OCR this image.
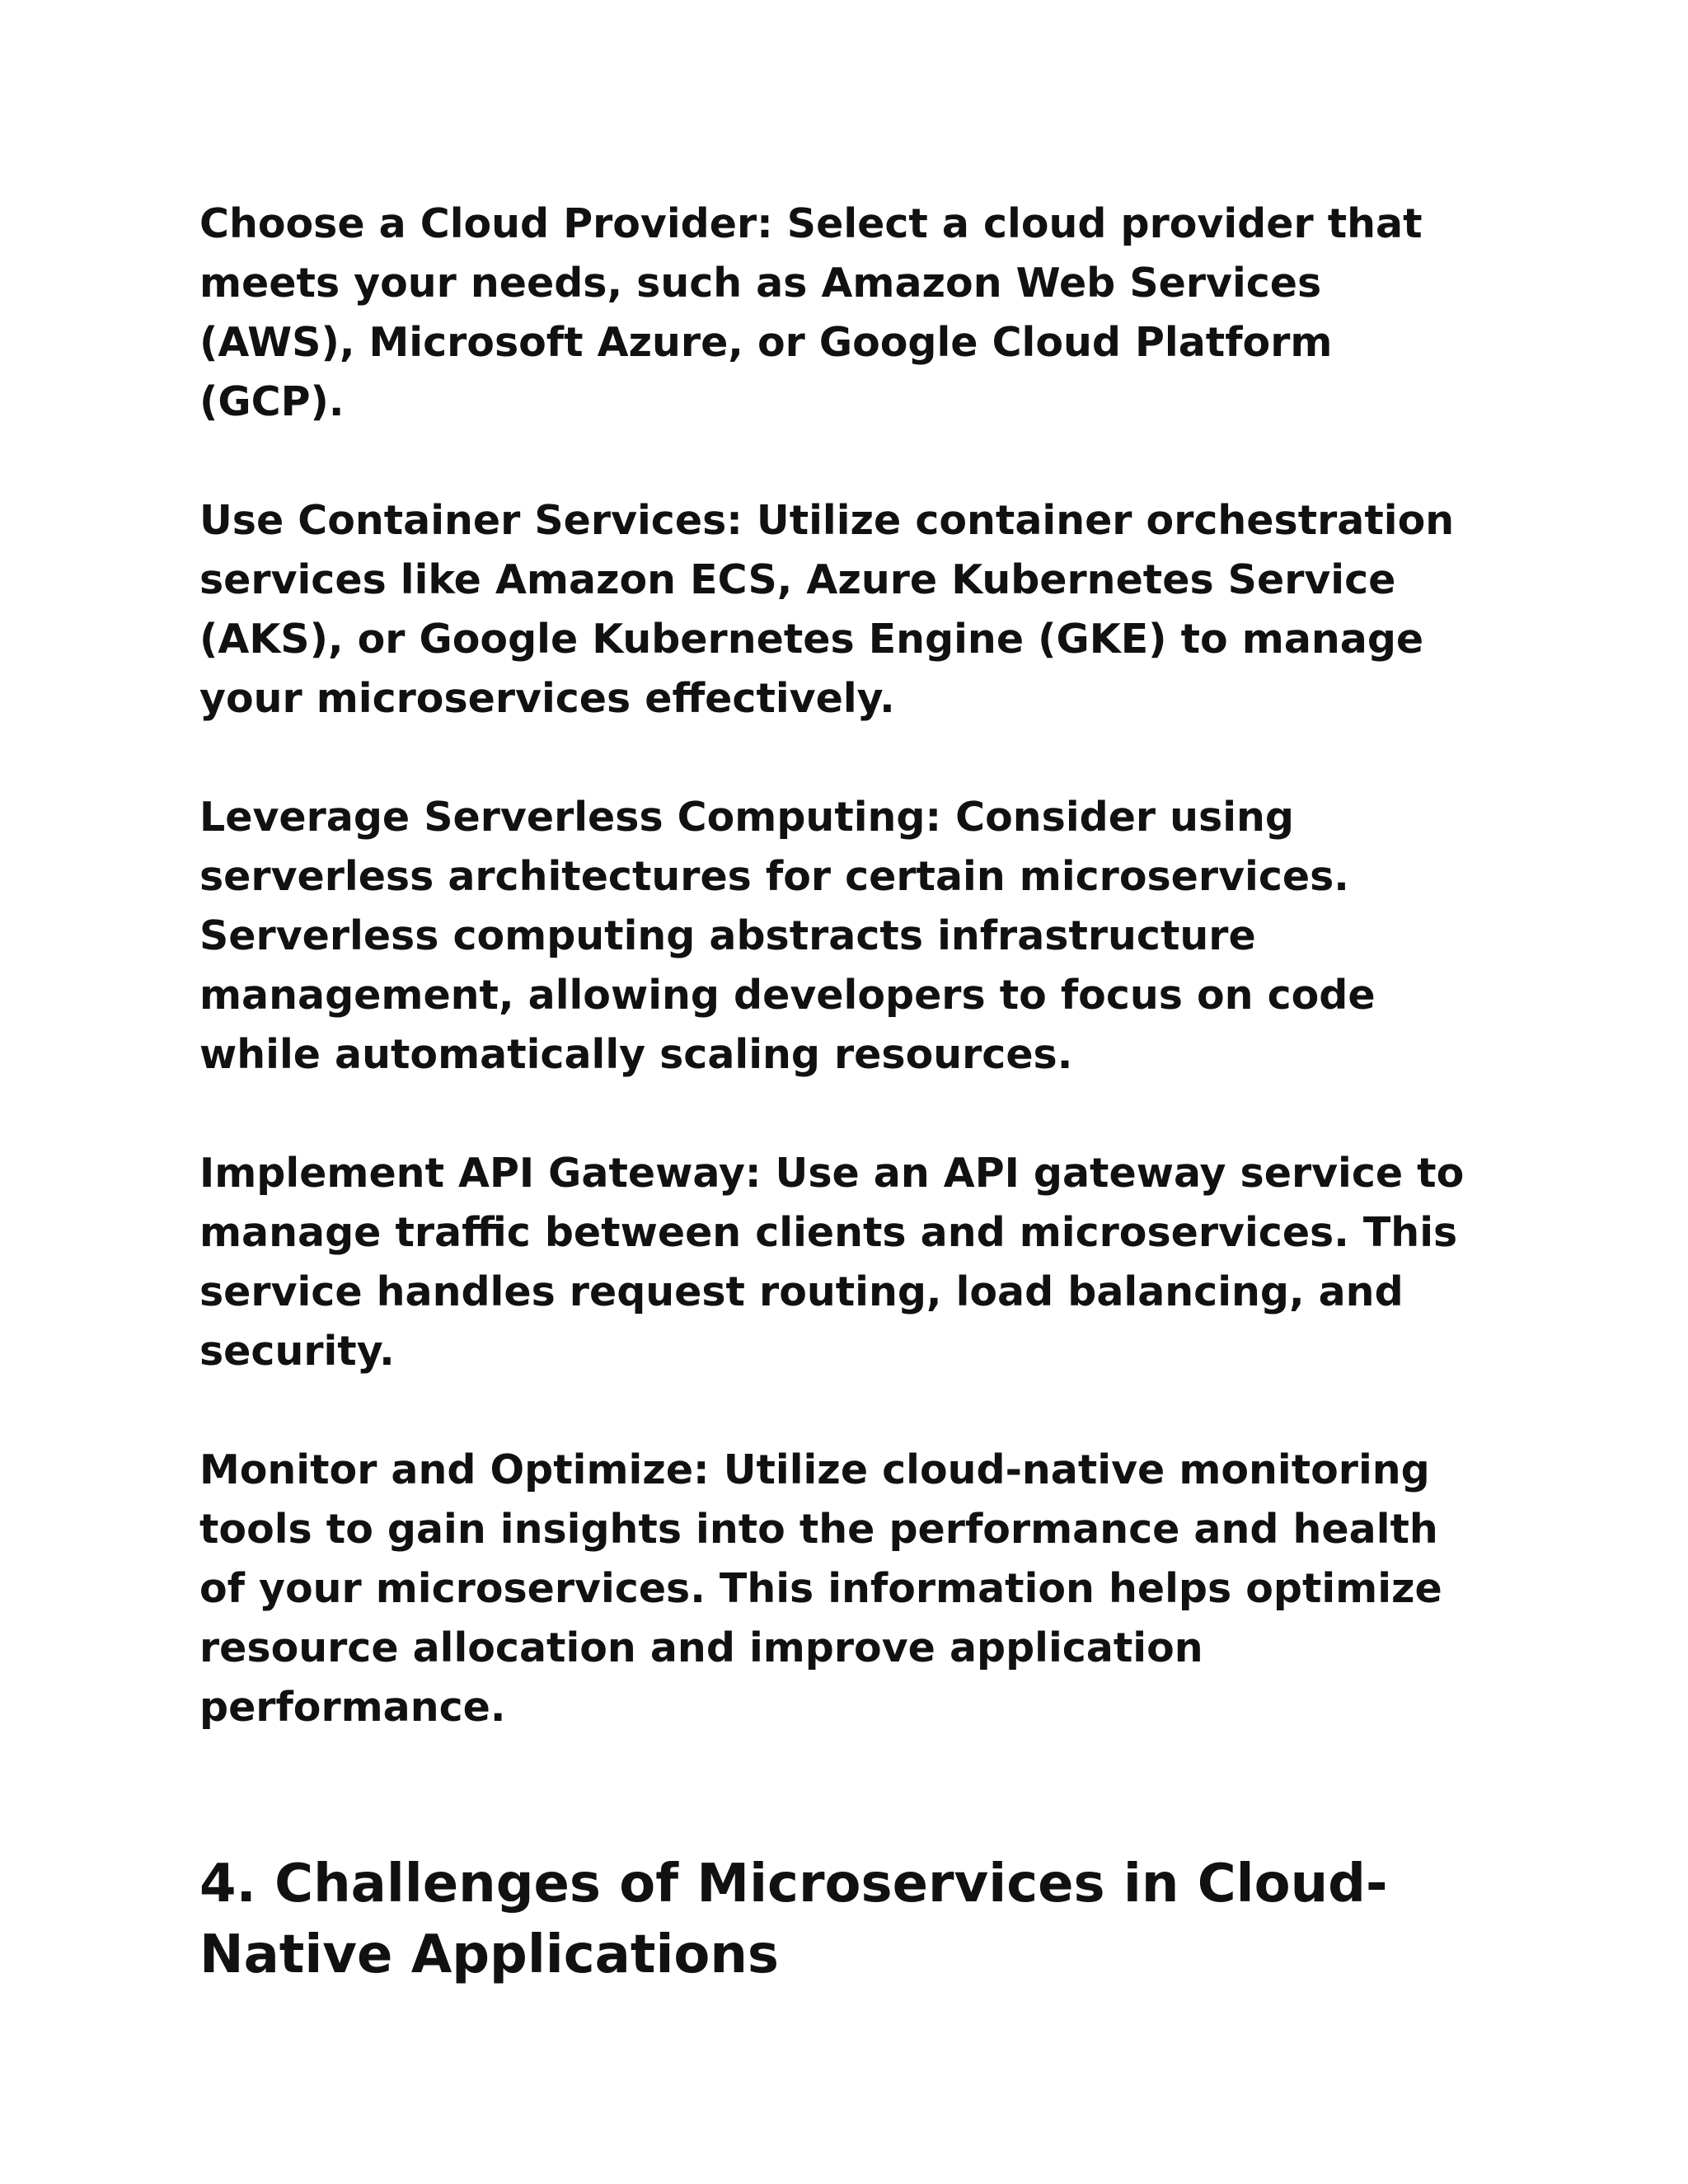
Choose a Cloud Provider: Select a cloud provider that meets your needs, such as Amazon Web Services (AWS), Microsoft Azure, or Google Cloud Platform (GCP).

Use Container Services: Utilize container orchestration services like Amazon ECS, Azure Kubernetes Service (AKS), or Google Kubernetes Engine (GKE) to manage your microservices effectively.

Leverage Serverless Computing: Consider using serverless architectures for certain microservices. Serverless computing abstracts infrastructure management, allowing developers to focus on code while automatically scaling resources.

Implement API Gateway: Use an API gateway service to manage traffic between clients and microservices. This service handles request routing, load balancing, and security.

Monitor and Optimize: Utilize cloud-native monitoring tools to gain insights into the performance and health of your microservices. This information helps optimize resource allocation and improve application performance.

4. Challenges of Microservices in Cloud-Native Applications
